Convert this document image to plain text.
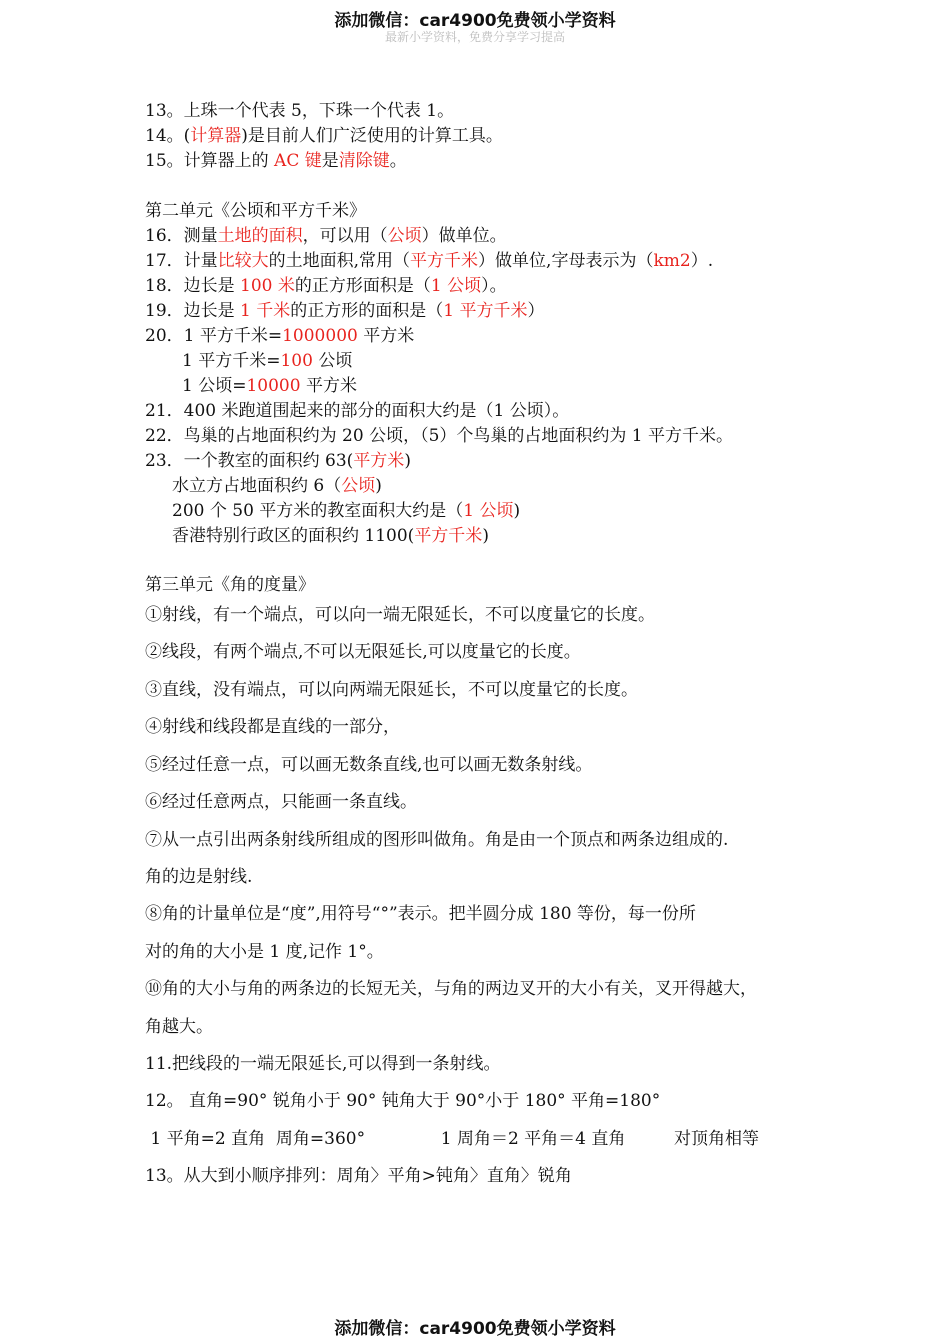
添加微信：car4900免费领小学资料
最新小学资料，免费分享学习提高
13。上珠一个代表 5，下珠一个代表 1。
14。(计算器)是目前人们广泛使用的计算工具。
15。计算器上的 AC 键是清除键。
第二单元《公顷和平方千米》
16．测量土地的面积，可以用（公顷）做单位。
17．计量比较大的土地面积,常用（平方千米）做单位,字母表示为（km2）.
18．边长是 100 米的正方形面积是（1 公顷）。
19．边长是 1 千米的正方形的面积是（1 平方千米）
20．1 平方千米=1000000 平方米
1 平方千米=100 公顷
1 公顷=10000 平方米
21．400 米跑道围起来的部分的面积大约是（1 公顷）。
22．鸟巢的占地面积约为 20 公顷，（5）个鸟巢的占地面积约为 1 平方千米。
23．一个教室的面积约 63(平方米)
水立方占地面积约 6（公顷)
200 个 50 平方米的教室面积大约是（1 公顷)
香港特别行政区的面积约 1100(平方千米)
第三单元《角的度量》
①射线，有一个端点，可以向一端无限延长，不可以度量它的长度。
②线段，有两个端点,不可以无限延长,可以度量它的长度。
③直线，没有端点，可以向两端无限延长，不可以度量它的长度。
④射线和线段都是直线的一部分，
⑤经过任意一点，可以画无数条直线,也可以画无数条射线。
⑥经过任意两点，只能画一条直线。
⑦从一点引出两条射线所组成的图形叫做角。角是由一个顶点和两条边组成的.
角的边是射线.
⑧角的计量单位是“度”,用符号“°”表示。把半圆分成 180 等份，每一份所
对的角的大小是 1 度,记作 1°。
⑩角的大小与角的两条边的长短无关，与角的两边叉开的大小有关，叉开得越大，
角越大。
11.把线段的一端无限延长,可以得到一条射线。
12。 直角=90° 锐角小于 90° 钝角大于 90°小于 180° 平角=180°
1 平角=2 直角  周角=360°              1 周角＝2 平角＝4 直角         对顶角相等
13。从大到小顺序排列：周角〉平角>钝角〉直角〉锐角
添加微信：car4900免费领小学资料
